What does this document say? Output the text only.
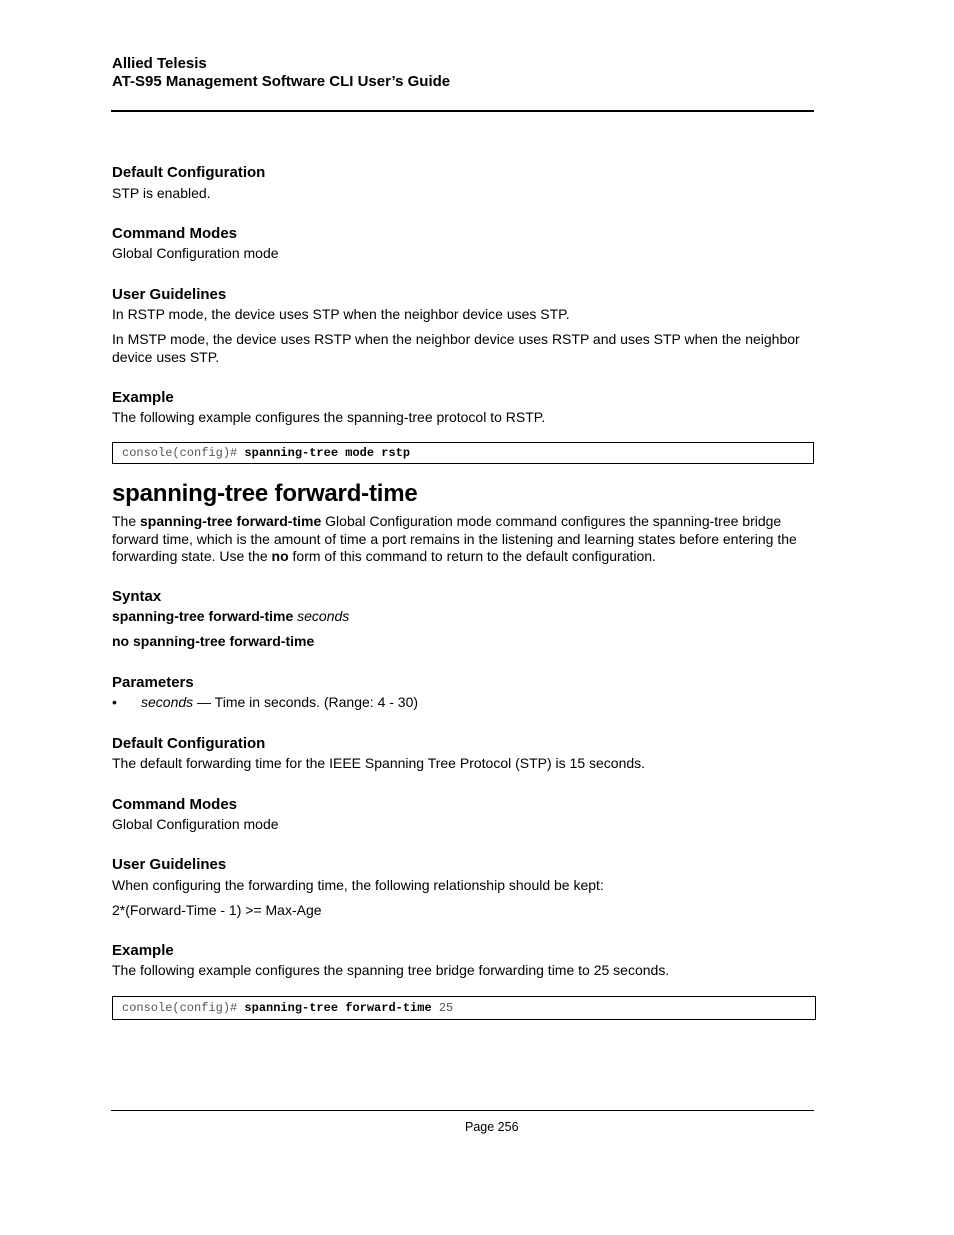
Allied Telesis
AT-S95 Management Software CLI User’s Guide
Default Configuration
STP is enabled.
Command Modes
Global Configuration mode
User Guidelines
In RSTP mode, the device uses STP when the neighbor device uses STP.
In MSTP mode, the device uses RSTP when the neighbor device uses RSTP and uses STP when the neighbor device uses STP.
Example
The following example configures the spanning-tree protocol to RSTP.
console(config)# spanning-tree mode rstp
spanning-tree forward-time
The spanning-tree forward-time Global Configuration mode command configures the spanning-tree bridge forward time, which is the amount of time a port remains in the listening and learning states before entering the forwarding state. Use the no form of this command to return to the default configuration.
Syntax
spanning-tree forward-time seconds
no spanning-tree forward-time
Parameters
• seconds — Time in seconds. (Range: 4 - 30)
Default Configuration
The default forwarding time for the IEEE Spanning Tree Protocol (STP) is 15 seconds.
Command Modes
Global Configuration mode
User Guidelines
When configuring the forwarding time, the following relationship should be kept:
2*(Forward-Time - 1) >= Max-Age
Example
The following example configures the spanning tree bridge forwarding time to 25 seconds.
console(config)# spanning-tree forward-time 25
Page 256
